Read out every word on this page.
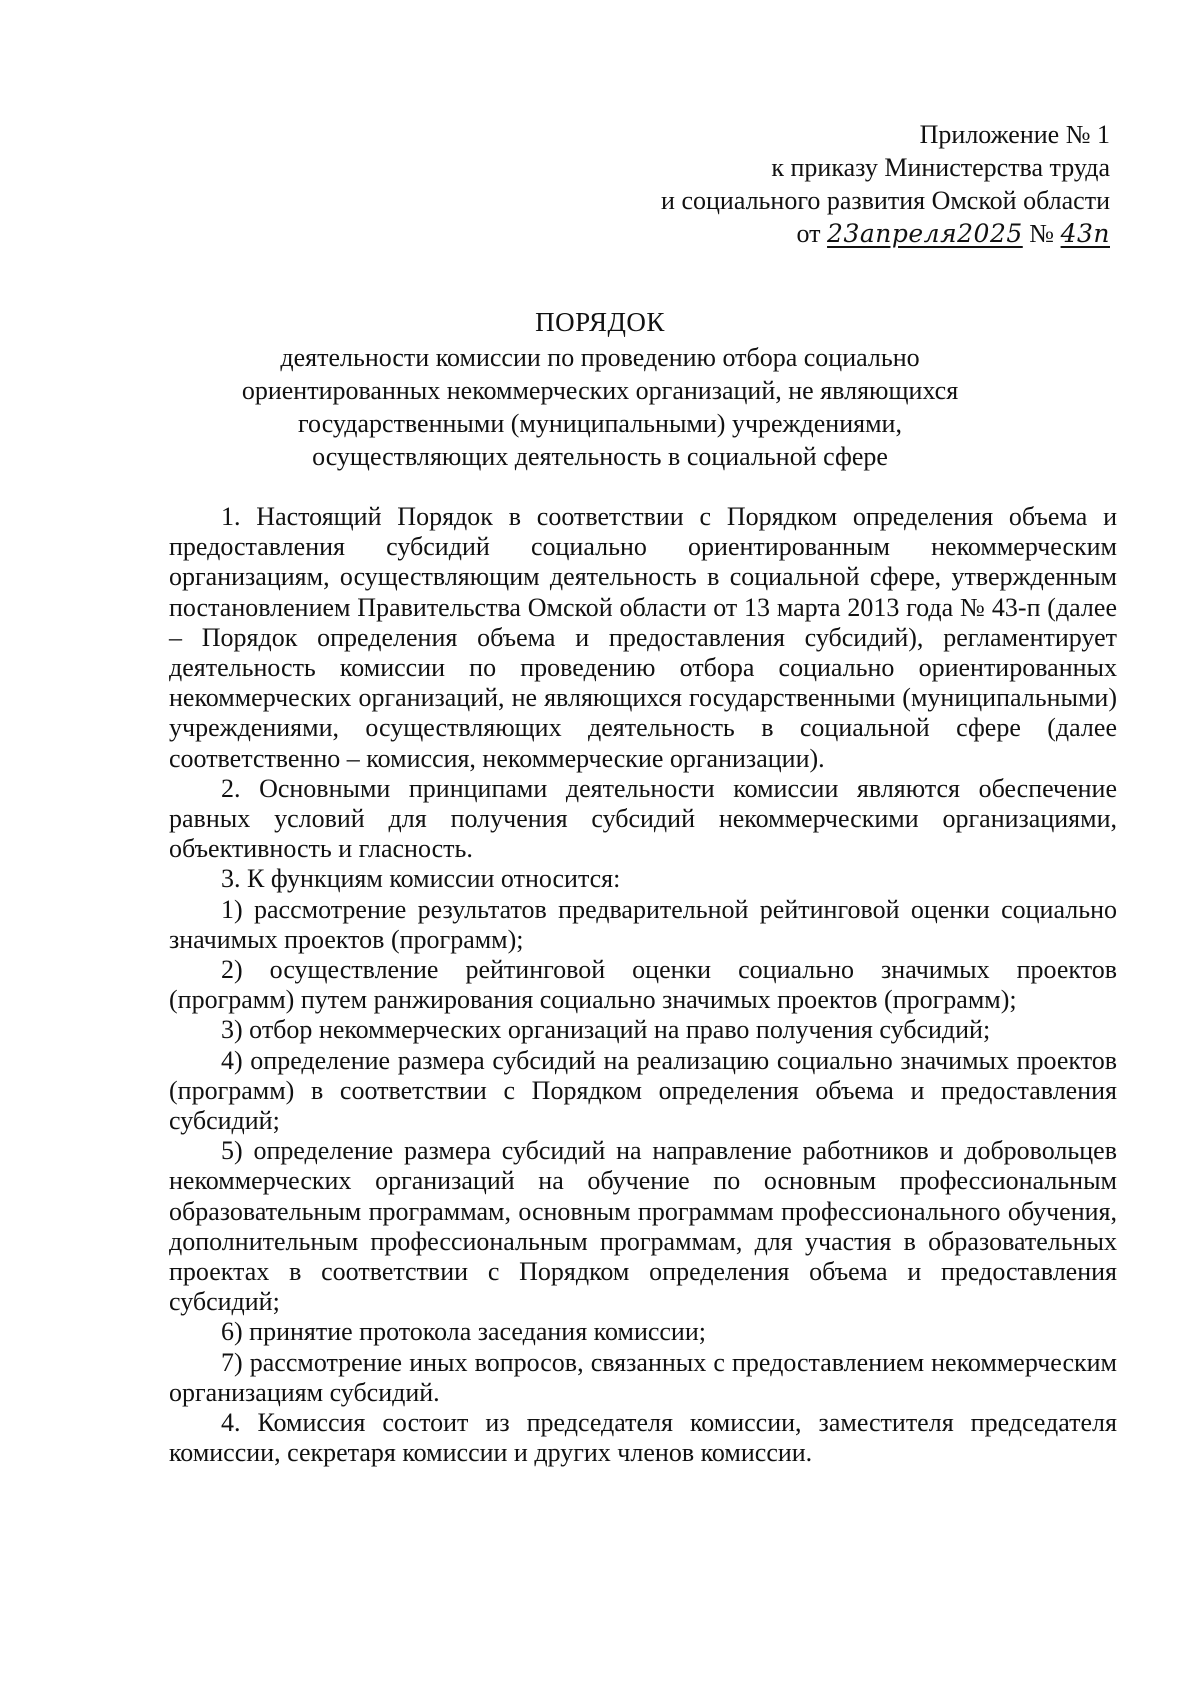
Приложение № 1
к приказу Министерства труда
и социального развития Омской области
от 23апреля2025 № 43п
ПОРЯДОК
деятельности комиссии по проведению отбора социально
ориентированных некоммерческих организаций, не являющихся
государственными (муниципальными) учреждениями,
осуществляющих деятельность в социальной сфере

1. Настоящий Порядок в соответствии с Порядком определения объема и предоставления субсидий социально ориентированным некоммерческим организациям, осуществляющим деятельность в социальной сфере, утвержденным постановлением Правительства Омской области от 13 марта 2013 года № 43-п (далее – Порядок определения объема и предоставления субсидий), регламентирует деятельность комиссии по проведению отбора социально ориентированных некоммерческих организаций, не являющихся государственными (муниципальными) учреждениями, осуществляющих деятельность в социальной сфере (далее соответственно – комиссия, некоммерческие организации).

2. Основными принципами деятельности комиссии являются обеспечение равных условий для получения субсидий некоммерческими организациями, объективность и гласность.

3. К функциям комиссии относится:

1) рассмотрение результатов предварительной рейтинговой оценки социально значимых проектов (программ);

2) осуществление рейтинговой оценки социально значимых проектов (программ) путем ранжирования социально значимых проектов (программ);

3) отбор некоммерческих организаций на право получения субсидий;

4) определение размера субсидий на реализацию социально значимых проектов (программ) в соответствии с Порядком определения объема и предоставления субсидий;

5) определение размера субсидий на направление работников и добровольцев некоммерческих организаций на обучение по основным профессиональным образовательным программам, основным программам профессионального обучения, дополнительным профессиональным программам, для участия в образовательных проектах в соответствии с Порядком определения объема и предоставления субсидий;

6) принятие протокола заседания комиссии;

7) рассмотрение иных вопросов, связанных с предоставлением некоммерческим организациям субсидий.

4. Комиссия состоит из председателя комиссии, заместителя председателя комиссии, секретаря комиссии и других членов комиссии.
